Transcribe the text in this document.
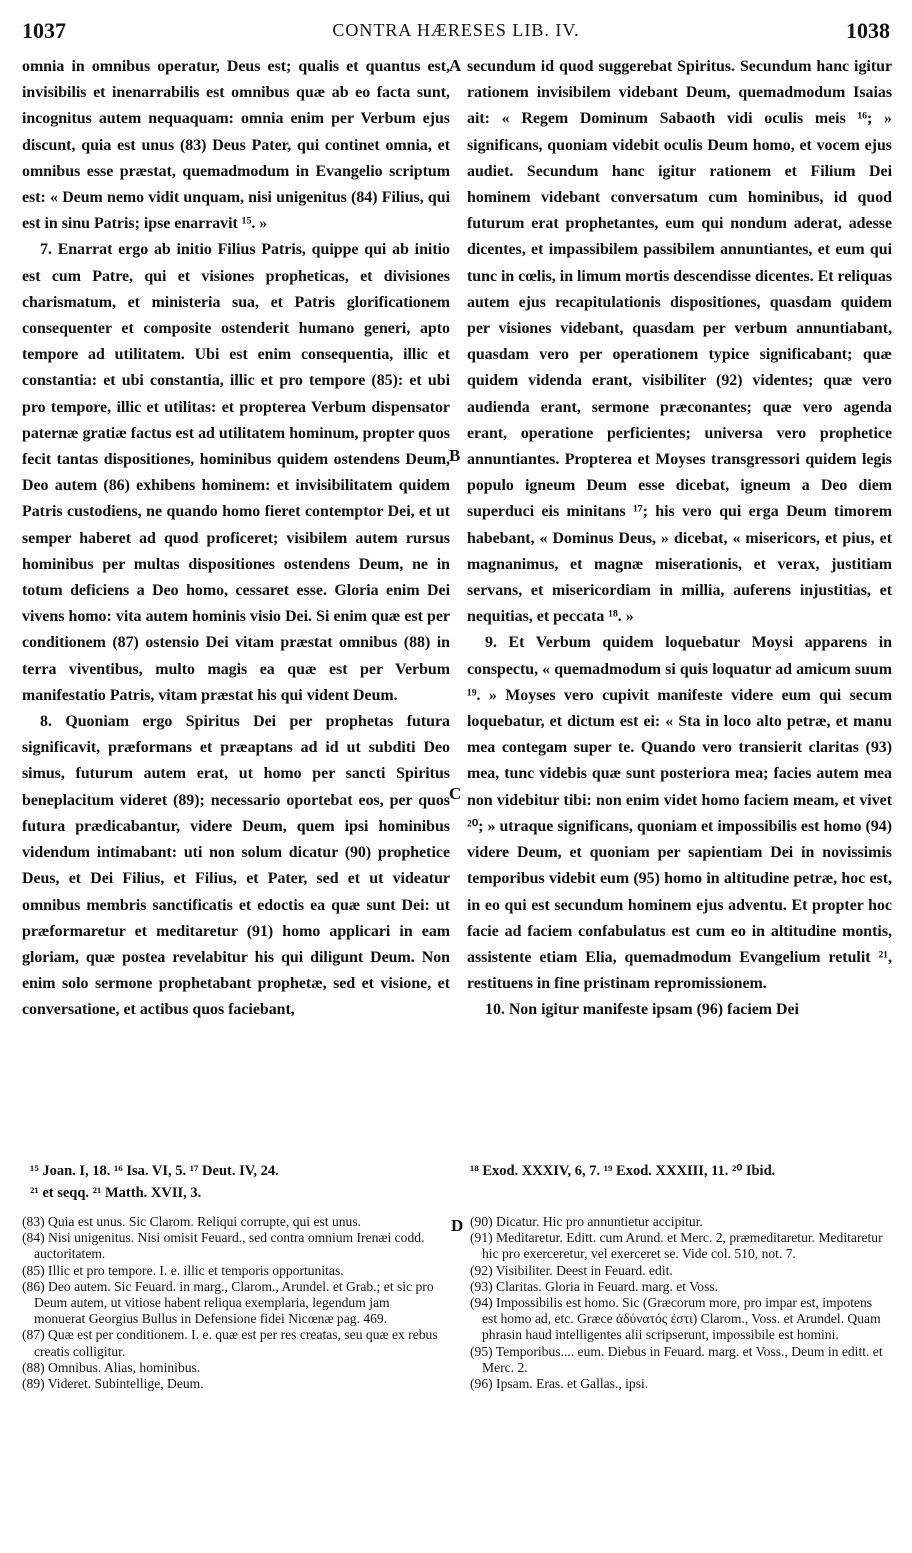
1037	CONTRA HÆRESES LIB. IV.	1038

omnia in omnibus operatur, Deus est; qualis et quantus est, invisibilis et inenarrabilis est omnibus quæ ab eo facta sunt, incognitus autem nequaquam: omnia enim per Verbum ejus discunt, quia est unus (83) Deus Pater, qui continet omnia, et omnibus esse præstat, quemadmodum in Evangelio scriptum est: « Deum nemo vidit unquam, nisi unigenitus (84) Filius, qui est in sinu Patris; ipse enarravit ¹⁵. »

7. Enarrat ergo ab initio Filius Patris, quippe qui ab initio est cum Patre, qui et visiones propheticas, et divisiones charismatum, et ministeria sua, et Patris glorificationem consequenter et composite ostenderit humano generi, apto tempore ad utilitatem. Ubi est enim consequentia, illic et constantia: et ubi constantia, illic et pro tempore (85): et ubi pro tempore, illic et utilitas: et propterea Verbum dispensator paternæ gratiæ factus est ad utilitatem hominum, propter quos fecit tantas dispositiones, hominibus quidem ostendens Deum, Deo autem (86) exhibens hominem: et invisibilitatem quidem Patris custodiens, ne quando homo fieret contemptor Dei, et ut semper haberet ad quod proficeret; visibilem autem rursus hominibus per multas dispositiones ostendens Deum, ne in totum deficiens a Deo homo, cessaret esse. Gloria enim Dei vivens homo: vita autem hominis visio Dei. Si enim quæ est per conditionem (87) ostensio Dei vitam præstat omnibus (88) in terra viventibus, multo magis ea quæ est per Verbum manifestatio Patris, vitam præstat his qui vident Deum.

8. Quoniam ergo Spiritus Dei per prophetas futura significavit, præformans et præaptans ad id ut subditi Deo simus, futurum autem erat, ut homo per sancti Spiritus beneplacitum videret (89); necessario oportebat eos, per quos futura prædicabantur, videre Deum, quem ipsi hominibus videndum intimabant: uti non solum dicatur (90) prophetice Deus, et Dei Filius, et Filius, et Pater, sed et ut videatur omnibus membris sanctificatis et edoctis ea quæ sunt Dei: ut præformaretur et meditaretur (91) homo applicari in eam gloriam, quæ postea revelabitur his qui diligunt Deum. Non enim solo sermone prophetabant prophetæ, sed et visione, et conversatione, et actibus quos faciebant,

secundum id quod suggerebat Spiritus. Secundum hanc igitur rationem invisibilem videbant Deum, quemadmodum Isaias ait: « Regem Dominum Sabaoth vidi oculis meis ¹⁶; » significans, quoniam videbit oculis Deum homo, et vocem ejus audiet. Secundum hanc igitur rationem et Filium Dei hominem videbant conversatum cum hominibus, id quod futurum erat prophetantes, eum qui nondum aderat, adesse dicentes, et impassibilem passibilem annuntiantes, et eum qui tunc in cœlis, in limum mortis descendisse dicentes. Et reliquas autem ejus recapitulationis dispositiones, quasdam quidem per visiones videbant, quasdam per verbum annuntiabant, quasdam vero per operationem typice significabant; quæ quidem videnda erant, visibiliter (92) videntes; quæ vero audienda erant, sermone præconantes; quæ vero agenda erant, operatione perficientes; universa vero prophetice annuntiantes. Propterea et Moyses transgressori quidem legis populo igneum Deum esse dicebat, igneum a Deo diem superduci eis minitans ¹⁷; his vero qui erga Deum timorem habebant, « Dominus Deus, » dicebat, « misericors, et pius, et magnanimus, et magnæ miserationis, et verax, justitiam servans, et misericordiam in millia, auferens injustitias, et nequitias, et peccata ¹⁸. »

9. Et Verbum quidem loquebatur Moysi apparens in conspectu, « quemadmodum si quis loquatur ad amicum suum ¹⁹. » Moyses vero cupivit manifeste videre eum qui secum loquebatur, et dictum est ei: « Sta in loco alto petræ, et manu mea contegam super te. Quando vero transierit claritas (93) mea, tunc videbis quæ sunt posteriora mea; facies autem mea non videbitur tibi: non enim videt homo faciem meam, et vivet ²⁰; » utraque significans, quoniam et impossibilis est homo (94) videre Deum, et quoniam per sapientiam Dei in novissimis temporibus videbit eum (95) homo in altitudine petræ, hoc est, in eo qui est secundum hominem ejus adventu. Et propter hoc facie ad faciem confabulatus est cum eo in altitudine montis, assistente etiam Elia, quemadmodum Evangelium retulit ²¹, restituens in fine pristinam repromissionem.

10. Non igitur manifeste ipsam (96) faciem Dei

A
B
C
D
¹⁵ Joan. I, 18. ¹⁶ Isa. VI, 5. ¹⁷ Deut. IV, 24.
²¹ et seqq. ²¹ Matth. XVII, 3.
¹⁸ Exod. XXXIV, 6, 7. ¹⁹ Exod. XXXIII, 11. ²⁰ Ibid.
(83) Quia est unus. Sic Clarom. Reliqui corrupte, qui est unus.
(84) Nisi unigenitus. Nisi omisit Feuard., sed contra omnium Irenæi codd. auctoritatem.
(85) Illic et pro tempore. I. e. illic et temporis opportunitas.
(86) Deo autem. Sic Feuard. in marg., Clarom., Arundel. et Grab.; et sic pro Deum autem, ut vitiose habent reliqua exemplaria, legendum jam monuerat Georgius Bullus in Defensione fidei Nicœnæ pag. 469.
(87) Quæ est per conditionem. I. e. quæ est per res creatas, seu quæ ex rebus creatis colligitur.
(88) Omnibus. Alias, hominibus.
(89) Videret. Subintellige, Deum.
(90) Dicatur. Hic pro annuntietur accipitur.
(91) Meditaretur. Editt. cum Arund. et Merc. 2, præmeditaretur. Meditaretur hic pro exerceretur, vel exerceret se. Vide col. 510, not. 7.
(92) Visibiliter. Deest in Feuard. edit.
(93) Claritas. Gloria in Feuard. marg. et Voss.
(94) Impossibilis est homo. Sic (Græcorum more, pro impar est, impotens est homo ad, etc. Græce ἀδύνατός ἐστι) Clarom., Voss. et Arundel. Quam phrasin haud intelligentes alii scripserunt, impossibile est homini.
(95) Temporibus.... eum. Diebus in Feuard. marg. et Voss., Deum in editt. et Merc. 2.
(96) Ipsam. Eras. et Gallas., ipsi.
